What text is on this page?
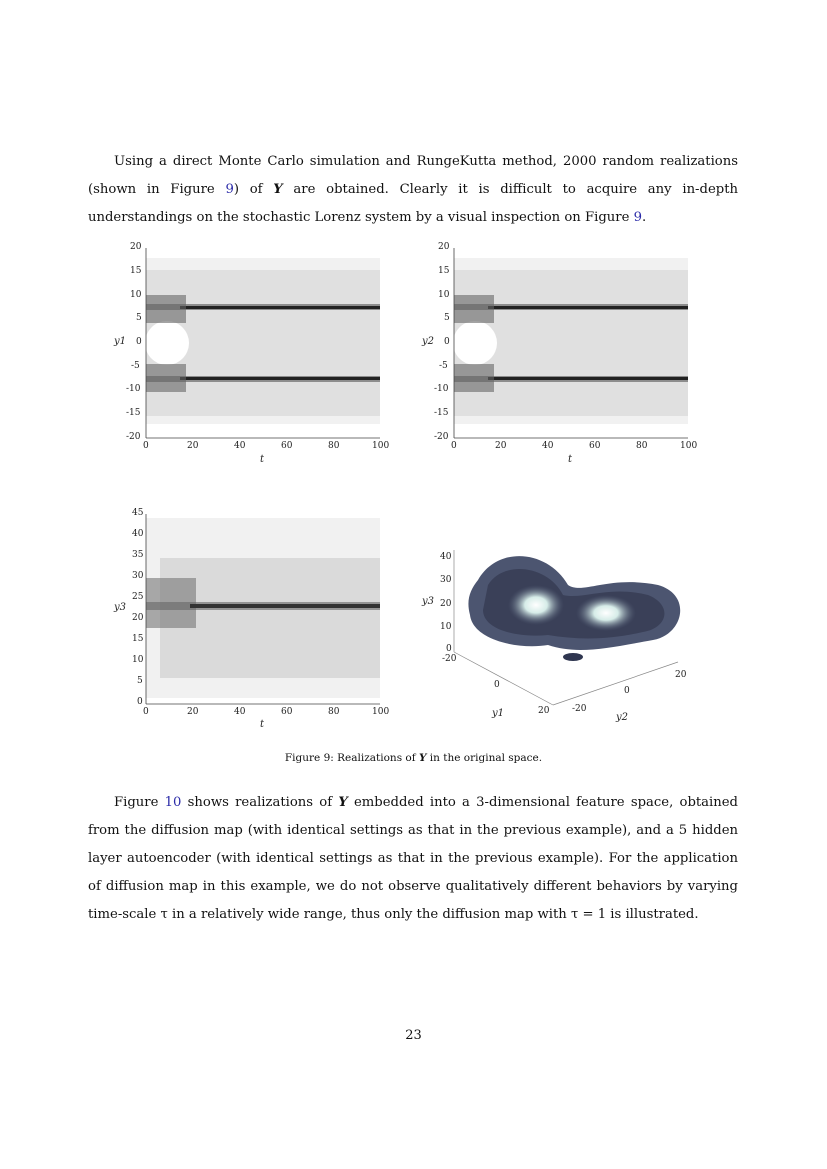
Using a direct Monte Carlo simulation and RungeKutta method, 2000 random realizations (shown in Figure 9) of Y are obtained. Clearly it is difficult to acquire any in-depth understandings on the stochastic Lorenz system by a visual inspection on Figure 9.

20
15
10
5
0
-5
-10
-15
-20
0	20	40	60	80	100
t
y1
20
15
10
5
0
-5
-10
-15
-20
0	20	40	60	80	100
t
y2
45
40
35
30
25
20
15
10
5
0
0	20	40	60	80	100
t
y3
40
30
20
10
0
-20
0
20	-20
0
20
y1	y2
y3
Figure 9: Realizations of Y in the original space.

Figure 10 shows realizations of Y embedded into a 3-dimensional feature space, obtained from the diffusion map (with identical settings as that in the previous example), and a 5 hidden layer autoencoder (with identical settings as that in the previous example). For the application of diffusion map in this example, we do not observe qualitatively different behaviors by varying time-scale τ in a relatively wide range, thus only the diffusion map with τ = 1 is illustrated.

23
